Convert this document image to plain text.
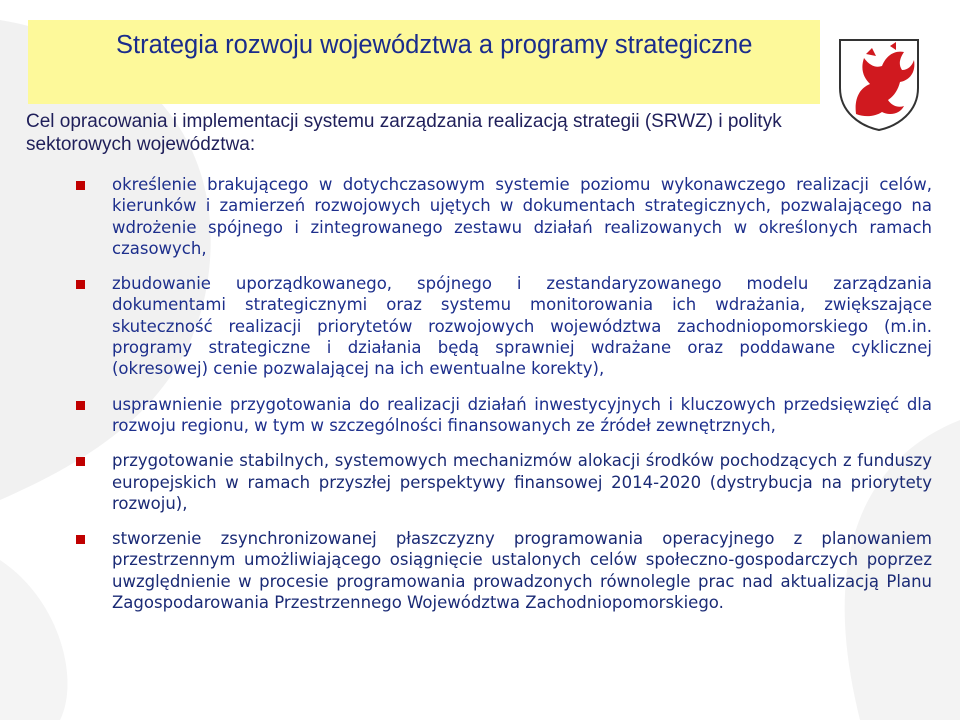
Strategia rozwoju województwa a programy strategiczne

Cel opracowania i implementacji systemu zarządzania realizacją strategii (SRWZ) i polityk sektorowych województwa:

określenie brakującego w dotychczasowym systemie poziomu wykonawczego realizacji celów, kierunków i zamierzeń rozwojowych ujętych w dokumentach strategicznych, pozwalającego na wdrożenie spójnego i zintegrowanego zestawu działań realizowanych w określonych ramach czasowych,
zbudowanie uporządkowanego, spójnego i zestandaryzowanego modelu zarządzania dokumentami strategicznymi oraz systemu monitorowania ich wdrażania, zwiększające skuteczność realizacji priorytetów rozwojowych województwa zachodniopomorskiego (m.in. programy strategiczne i działania będą sprawniej wdrażane oraz poddawane cyklicznej (okresowej) cenie pozwalającej na ich ewentualne korekty),
usprawnienie przygotowania do realizacji działań inwestycyjnych i kluczowych przedsięwzięć dla rozwoju regionu, w tym w szczególności finansowanych ze źródeł zewnętrznych,
przygotowanie stabilnych, systemowych mechanizmów alokacji środków pochodzących z funduszy europejskich w ramach przyszłej perspektywy finansowej 2014-2020 (dystrybucja na priorytety rozwoju),
stworzenie zsynchronizowanej płaszczyzny programowania operacyjnego z planowaniem przestrzennym umożliwiającego osiągnięcie ustalonych celów społeczno-gospodarczych poprzez uwzględnienie w procesie programowania prowadzonych równolegle prac nad aktualizacją Planu Zagospodarowania Przestrzennego Województwa Zachodniopomorskiego.
